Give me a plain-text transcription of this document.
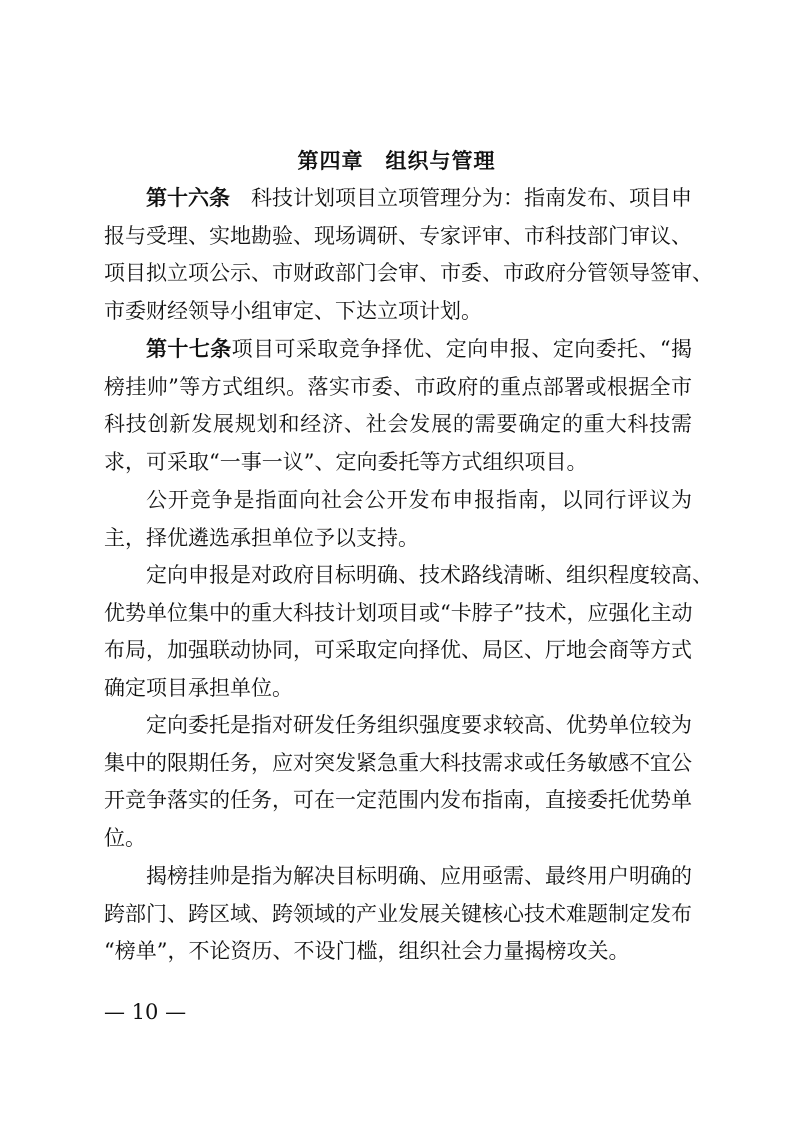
第四章　组织与管理
第十六条　科技计划项目立项管理分为：指南发布、项目申
报与受理、实地勘验、现场调研、专家评审、市科技部门审议、
项目拟立项公示、市财政部门会审、市委、市政府分管领导签审、
市委财经领导小组审定、下达立项计划。
第十七条项目可采取竞争择优、定向申报、定向委托、“揭
榜挂帅”等方式组织。落实市委、市政府的重点部署或根据全市
科技创新发展规划和经济、社会发展的需要确定的重大科技需
求，可采取“一事一议”、定向委托等方式组织项目。
公开竞争是指面向社会公开发布申报指南，以同行评议为
主，择优遴选承担单位予以支持。
定向申报是对政府目标明确、技术路线清晰、组织程度较高、
优势单位集中的重大科技计划项目或“卡脖子”技术，应强化主动
布局，加强联动协同，可采取定向择优、局区、厅地会商等方式
确定项目承担单位。
定向委托是指对研发任务组织强度要求较高、优势单位较为
集中的限期任务，应对突发紧急重大科技需求或任务敏感不宜公
开竞争落实的任务，可在一定范围内发布指南，直接委托优势单
位。
揭榜挂帅是指为解决目标明确、应用亟需、最终用户明确的
跨部门、跨区域、跨领域的产业发展关键核心技术难题制定发布
“榜单”，不论资历、不设门槛，组织社会力量揭榜攻关。
— 10 —
